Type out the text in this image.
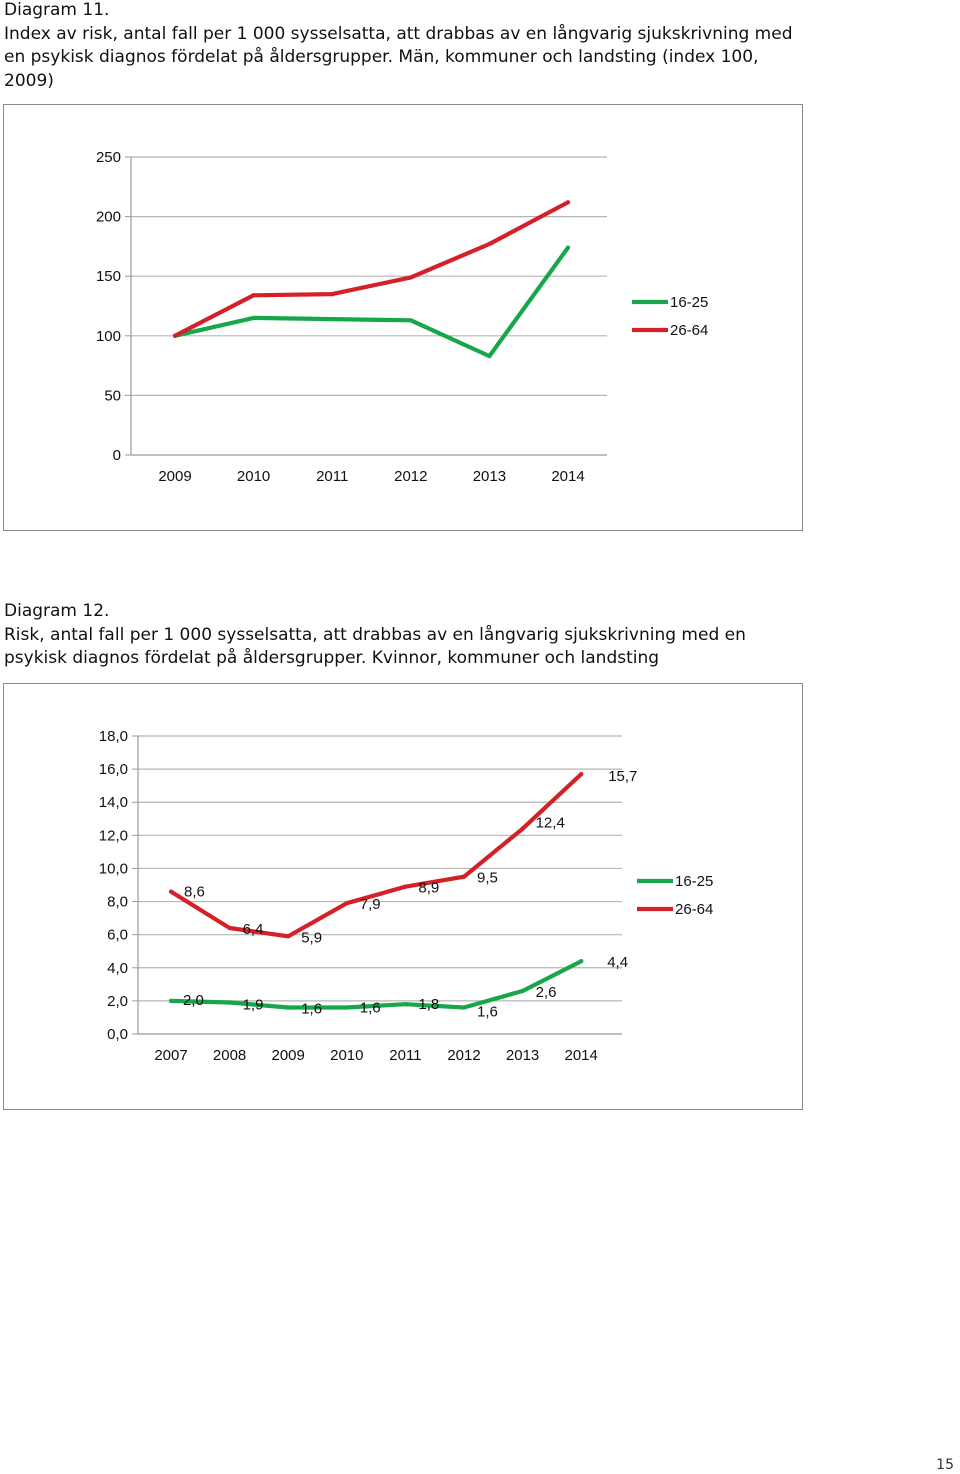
Diagram 11.
Index av risk, antal fall per 1 000 sysselsatta, att drabbas av en långvarig sjukskrivning med
en psykisk diagnos fördelat på åldersgrupper. Män, kommuner och landsting (index 100,
2009)
0
50
100
150
200
250
2009	2010	2011	2012	2013	2014
16-25
26-64
Diagram 12.
Risk, antal fall per 1 000 sysselsatta, att drabbas av en långvarig sjukskrivning med en
psykisk diagnos fördelat på åldersgrupper. Kvinnor, kommuner och landsting
0,0
2,0
4,0
6,0
8,0
10,0
12,0
14,0
16,0
18,0
2007 2008 2009 2010 2011 2012 2013 2014
2,0	1,9	1,6	1,6	1,8	1,6
2,6
4,4
8,6
6,4	5,9
7,9
8,9
9,5
12,4
15,7
16-25
26-64
15
